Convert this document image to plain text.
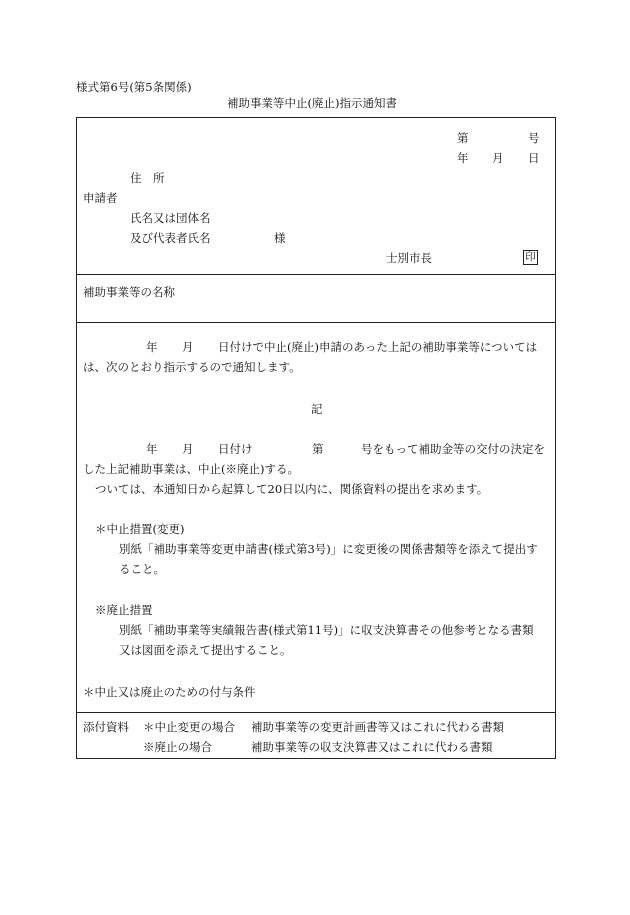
様式第6号(第5条関係)
補助事業等中止(廃止)指示通知書
第	号
年 月 日
住　所
申請者
氏名又は団体名
及び代表者氏名	様
士別市長	印
補助事業等の名称
年 月 日付けで中止(廃止)申請のあった上記の補助事業等については
は、次のとおり指示するので通知します。
記
年 月 日付け	第	号をもって補助金等の交付の決定を
した上記補助事業は、中止(※廃止)する。
ついては、本通知日から起算して20日以内に、関係資料の提出を求めます。
＊中止措置(変更)
別紙「補助事業等変更申請書(様式第3号)」に変更後の関係書類等を添えて提出す
ること。
※廃止措置
別紙「補助事業等実績報告書(様式第11号)」に収支決算書その他参考となる書類
又は図面を添えて提出すること。
＊中止又は廃止のための付与条件
添付資料 ＊中止変更の場合 補助事業等の変更計画書等又はこれに代わる書類
※廃止の場合	補助事業等の収支決算書又はこれに代わる書類
